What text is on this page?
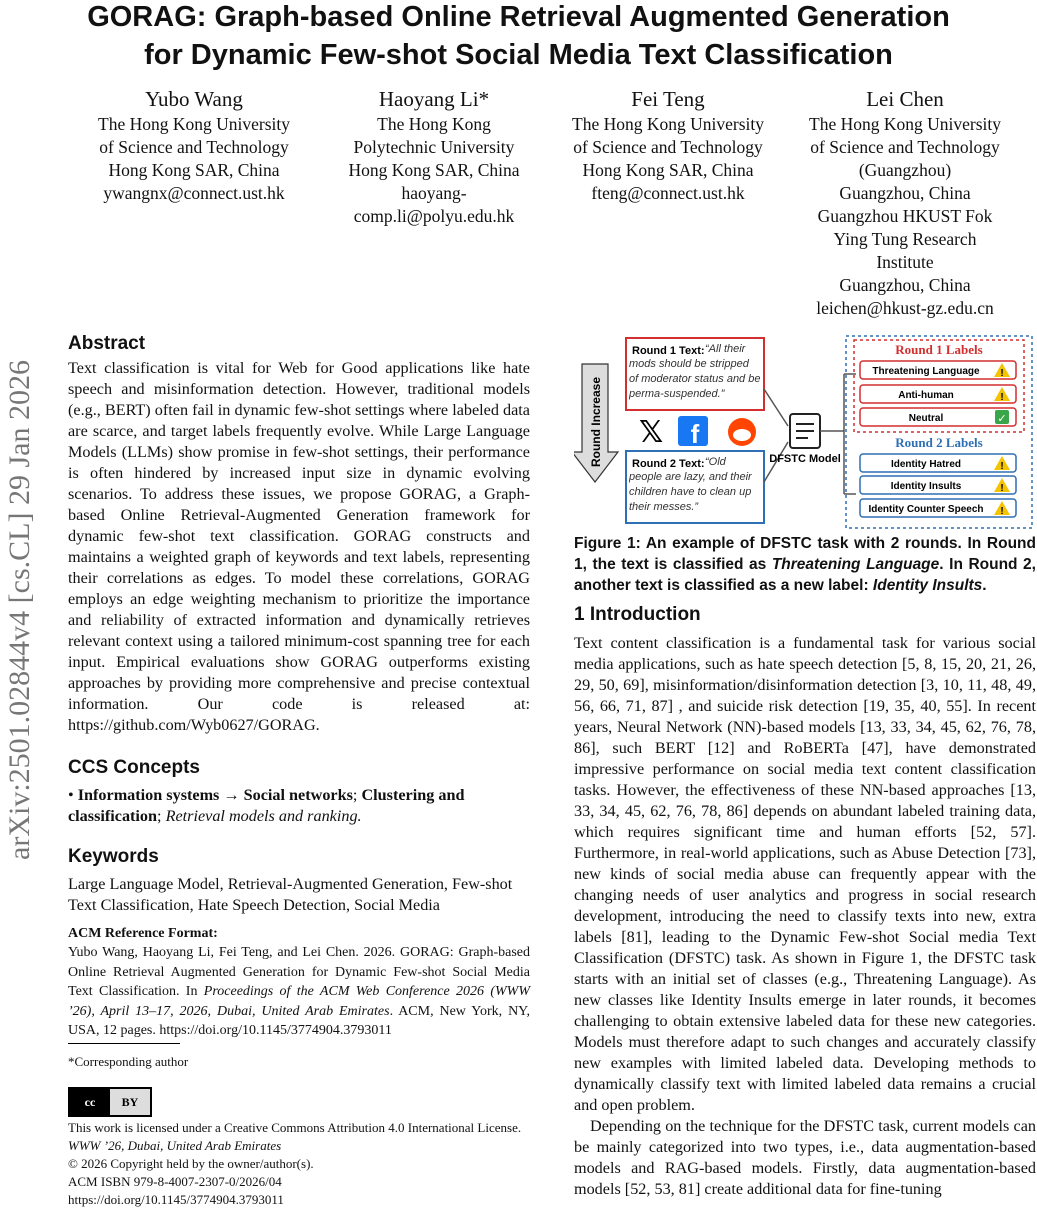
GORAG: Graph-based Online Retrieval Augmented Generation
for Dynamic Few-shot Social Media Text Classification
Yubo Wang
The Hong Kong University
of Science and Technology
Hong Kong SAR, China
ywangnx@connect.ust.hk
Haoyang Li*
The Hong Kong
Polytechnic University
Hong Kong SAR, China
haoyang-
comp.li@polyu.edu.hk
Fei Teng
The Hong Kong University
of Science and Technology
Hong Kong SAR, China
fteng@connect.ust.hk
Lei Chen
The Hong Kong University
of Science and Technology
(Guangzhou)
Guangzhou, China
Guangzhou HKUST Fok
Ying Tung Research
Institute
Guangzhou, China
leichen@hkust-gz.edu.cn
arXiv:2501.02844v4 [cs.CL] 29 Jan 2026
Abstract

Text classification is vital for Web for Good applications like hate speech and misinformation detection. However, traditional models (e.g., BERT) often fail in dynamic few-shot settings where labeled data are scarce, and target labels frequently evolve. While Large Language Models (LLMs) show promise in few-shot settings, their performance is often hindered by increased input size in dynamic evolving scenarios. To address these issues, we propose GORAG, a Graph-based Online Retrieval-Augmented Generation framework for dynamic few-shot text classification. GORAG constructs and maintains a weighted graph of keywords and text labels, representing their correlations as edges. To model these correlations, GORAG employs an edge weighting mechanism to prioritize the importance and reliability of extracted information and dynamically retrieves relevant context using a tailored minimum-cost spanning tree for each input. Empirical evaluations show GORAG outperforms existing approaches by providing more comprehensive and precise contextual information. Our code is released at: https://github.com/Wyb0627/GORAG.

CCS Concepts

• Information systems → Social networks; Clustering and classification; Retrieval models and ranking.

Keywords

Large Language Model, Retrieval-Augmented Generation, Few-shot Text Classification, Hate Speech Detection, Social Media

ACM Reference Format:

Yubo Wang, Haoyang Li, Fei Teng, and Lei Chen. 2026. GORAG: Graph-based Online Retrieval Augmented Generation for Dynamic Few-shot Social Media Text Classification. In Proceedings of the ACM Web Conference 2026 (WWW ’26), April 13–17, 2026, Dubai, United Arab Emirates. ACM, New York, NY, USA, 12 pages. https://doi.org/10.1145/3774904.3793011

*Corresponding author

cc	BY

This work is licensed under a Creative Commons Attribution 4.0 International License.

WWW ’26, Dubai, United Arab Emirates

© 2026 Copyright held by the owner/author(s).

ACM ISBN 979-8-4007-2307-0/2026/04

https://doi.org/10.1145/3774904.3793011

Round Increase
Round 1 Text: “All their mods should be stripped of moderator status and be perma-suspended.”
𝕏 f
Round 2 Text: “Old people are lazy, and their children have to clean up their messes.”
DFSTC Model
Round 1 Labels
Threatening Language !
Anti-human	!
Neutral	✓
Round 2 Labels
Identity Hatred	!
Identity Insults	!
Identity Counter Speech !
Figure 1: An example of DFSTC task with 2 rounds. In Round 1, the text is classified as Threatening Language. In Round 2, another text is classified as a new label: Identity Insults.
1 Introduction

Text content classification is a fundamental task for various social media applications, such as hate speech detection [5, 8, 15, 20, 21, 26, 29, 50, 69], misinformation/disinformation detection [3, 10, 11, 48, 49, 56, 66, 71, 87] , and suicide risk detection [19, 35, 40, 55]. In recent years, Neural Network (NN)-based models [13, 33, 34, 45, 62, 76, 78, 86], such BERT [12] and RoBERTa [47], have demonstrated impressive performance on social media text content classification tasks. However, the effectiveness of these NN-based approaches [13, 33, 34, 45, 62, 76, 78, 86] depends on abundant labeled training data, which requires significant time and human efforts [52, 57]. Furthermore, in real-world applications, such as Abuse Detection [73], new kinds of social media abuse can frequently appear with the changing needs of user analytics and progress in social research development, introducing the need to classify texts into new, extra labels [81], leading to the Dynamic Few-shot Social media Text Classification (DFSTC) task. As shown in Figure 1, the DFSTC task starts with an initial set of classes (e.g., Threatening Language). As new classes like Identity Insults emerge in later rounds, it becomes challenging to obtain extensive labeled data for these new categories. Models must therefore adapt to such changes and accurately classify new examples with limited labeled data. Developing methods to dynamically classify text with limited labeled data remains a crucial and open problem.

Depending on the technique for the DFSTC task, current models can be mainly categorized into two types, i.e., data augmentation-based models and RAG-based models. Firstly, data augmentation-based models [52, 53, 81] create additional data for fine-tuning
